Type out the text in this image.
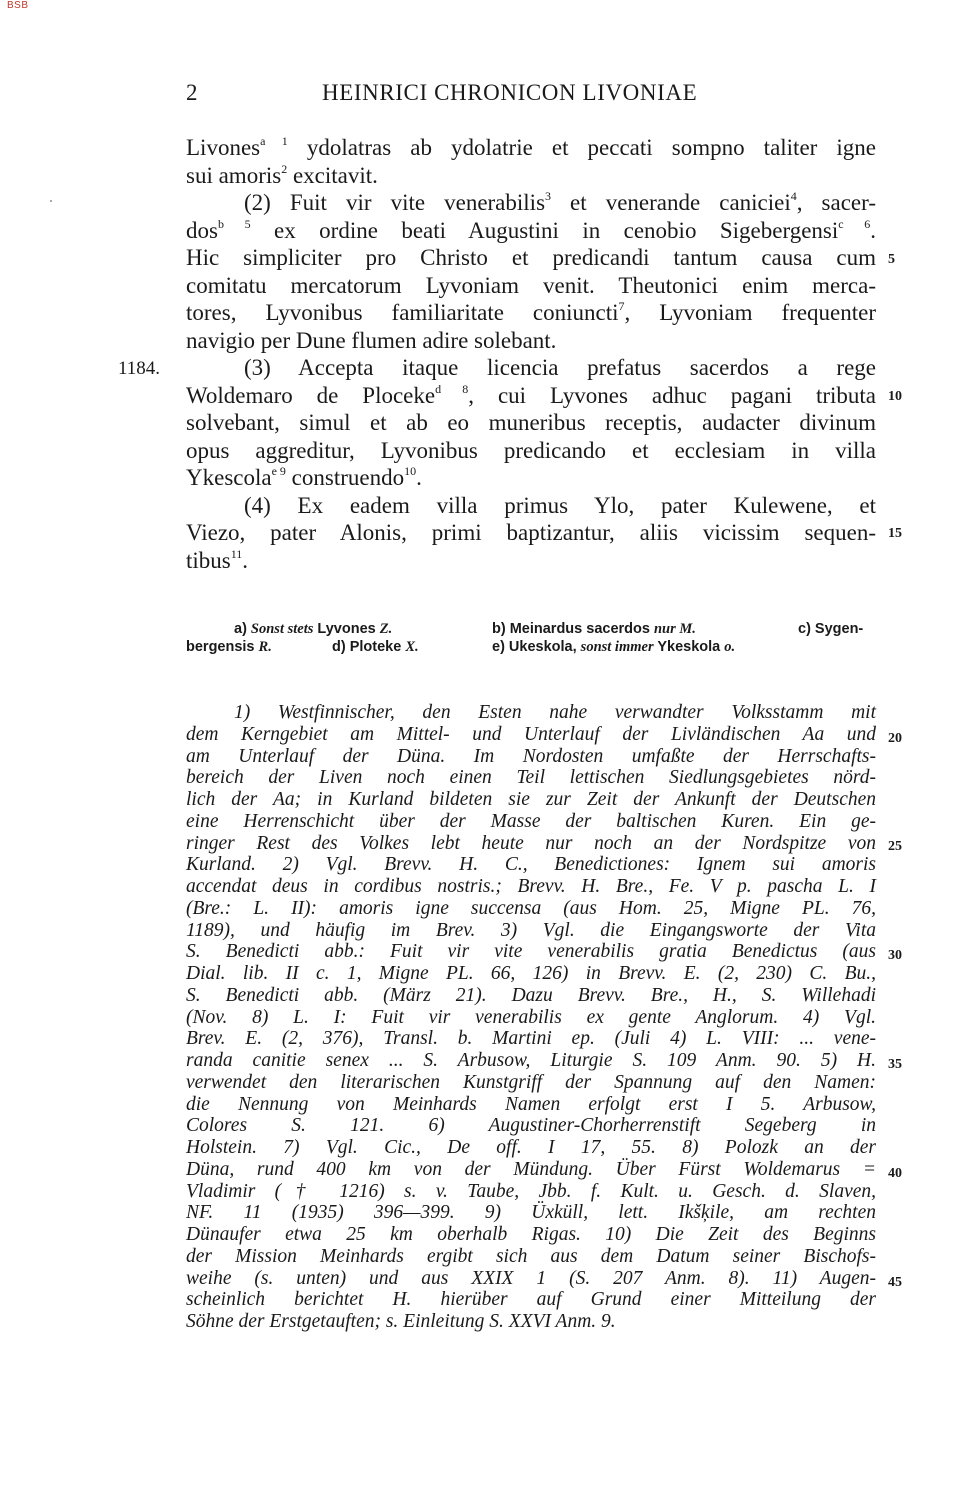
BSB
2	HEINRICI CHRONICON LIVONIAE
1184.
Livones$^{a 1}$ ydolatras ab ydolatrie et peccati sompno taliter igne
sui amoris$^2$ excitavit.
(2) Fuit vir vite venerabilis$^3$ et venerande caniciei$^4$, sacer-
dos$^{b 5}$ ex ordine beati Augustini in cenobio Sigebergensi$^{c 6}$.
Hic simpliciter pro Christo et predicandi tantum causa cum
comitatu mercatorum Lyvoniam venit. Theutonici enim merca-
tores, Lyvonibus familiaritate coniuncti$^7$, Lyvoniam frequenter
navigio per Dune flumen adire solebant.
(3) Accepta itaque licencia prefatus sacerdos a rege
Woldemaro de Ploceke$^{d 8}$, cui Lyvones adhuc pagani tributa
solvebant, simul et ab eo muneribus receptis, audacter divinum
opus aggreditur, Lyvonibus predicando et ecclesiam in villa
Ykescola$^{e 9}$ construendo$^{10}$.
(4) Ex eadem villa primus Ylo, pater Kulewene, et
Viezo, pater Alonis, primi baptizantur, aliis vicissim sequen-
tibus$^{11}$.
5
10
15
20
25
30
35
40
45
a) Sonst stets Lyvones Z.	b) Meinardus sacerdos nur M.	c) Sygen-
bergensis R.	d) Ploteke X.	e) Ukeskola, sonst immer Ykeskola o.
1) Westfinnischer, den Esten nahe verwandter Volksstamm mit
dem Kerngebiet am Mittel- und Unterlauf der Livländischen Aa und
am Unterlauf der Düna. Im Nordosten umfaßte der Herrschafts-
bereich der Liven noch einen Teil lettischen Siedlungsgebietes nörd-
lich der Aa; in Kurland bildeten sie zur Zeit der Ankunft der Deutschen
eine Herrenschicht über der Masse der baltischen Kuren. Ein ge-
ringer Rest des Volkes lebt heute nur noch an der Nordspitze von
Kurland. 2) Vgl. Brevv. H. C., Benedictiones: Ignem sui amoris
accendat deus in cordibus nostris.; Brevv. H. Bre., Fe. V p. pascha L. I
(Bre.: L. II): amoris igne succensa (aus Hom. 25, Migne PL. 76,
1189), und häufig im Brev. 3) Vgl. die Eingangsworte der Vita
S. Benedicti abb.: Fuit vir vite venerabilis gratia Benedictus (aus
Dial. lib. II c. 1, Migne PL. 66, 126) in Brevv. E. (2, 230) C. Bu.,
S. Benedicti abb. (März 21). Dazu Brevv. Bre., H., S. Willehadi
(Nov. 8) L. I: Fuit vir venerabilis ex gente Anglorum. 4) Vgl.
Brev. E. (2, 376), Transl. b. Martini ep. (Juli 4) L. VIII: ... vene-
randa canitie senex ... S. Arbusow, Liturgie S. 109 Anm. 90. 5) H.
verwendet den literarischen Kunstgriff der Spannung auf den Namen:
die Nennung von Meinhards Namen erfolgt erst I 5. Arbusow,
Colores S. 121. 6) Augustiner-Chorherrenstift Segeberg in
Holstein. 7) Vgl. Cic., De off. I 17, 55. 8) Polozk an der
Düna, rund 400 km von der Mündung. Über Fürst Woldemarus =
Vladimir († 1216) s. v. Taube, Jbb. f. Kult. u. Gesch. d. Slaven,
NF. 11 (1935) 396—399. 9) Üxküll, lett. Ikšķile, am rechten
Dünaufer etwa 25 km oberhalb Rigas. 10) Die Zeit des Beginns
der Mission Meinhards ergibt sich aus dem Datum seiner Bischofs-
weihe (s. unten) und aus XXIX 1 (S. 207 Anm. 8). 11) Augen-
scheinlich berichtet H. hierüber auf Grund einer Mitteilung der
Söhne der Erstgetauften; s. Einleitung S. XXVI Anm. 9.
